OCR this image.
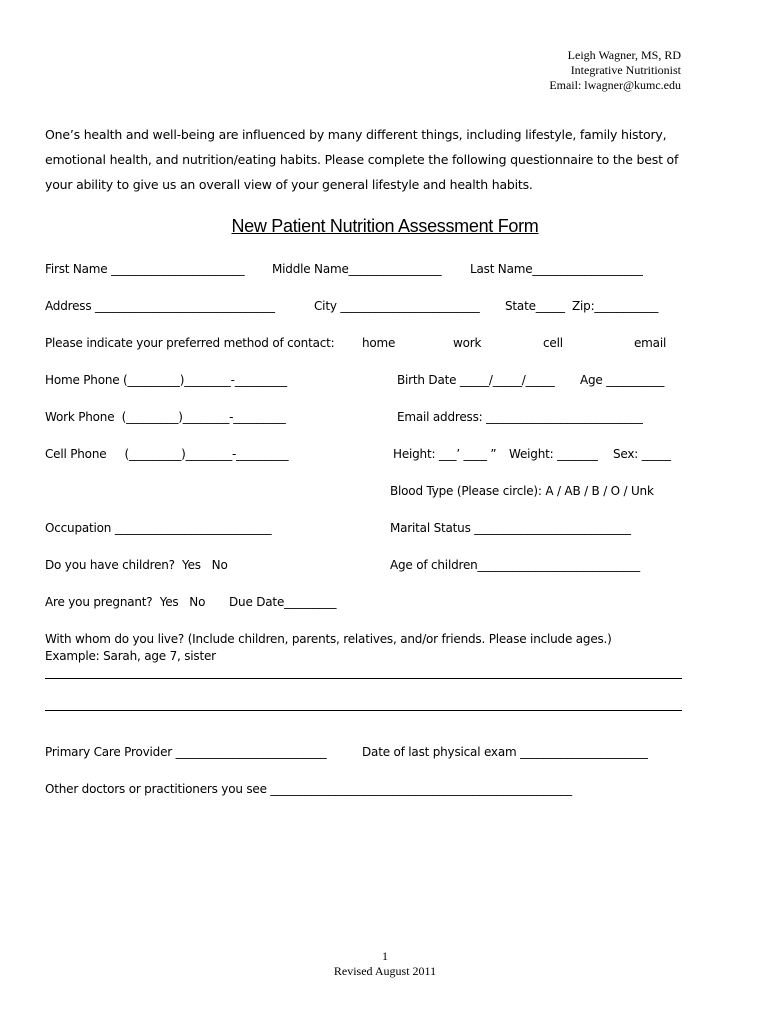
Leigh Wagner, MS, RD
Integrative Nutritionist
Email: lwagner@kumc.edu
One’s health and well-being are influenced by many different things, including lifestyle, family history, emotional health, and nutrition/eating habits. Please complete the following questionnaire to the best of your ability to give us an overall view of your general lifestyle and health habits.
New Patient Nutrition Assessment Form
First Name _______________________ Middle Name________________ Last Name___________________
Address _______________________________	City ________________________ State_____ Zip:___________
Please indicate your preferred method of contact: home	work	cell	email
Home Phone (_________)________-_________	Birth Date _____/_____/_____ Age __________
Work Phone  (_________)________-_________	Email address: ___________________________
Cell Phone     (_________)________-_________	Height: ___’ ____ ” Weight: _______ Sex: _____
Blood Type (Please circle): A / AB / B / O / Unk
Occupation ___________________________	Marital Status ___________________________
Do you have children?  Yes   No	Age of children____________________________
Are you pregnant?  Yes   No Due Date_________
With whom do you live? (Include children, parents, relatives, and/or friends. Please include ages.)
Example: Sarah, age 7, sister
Primary Care Provider __________________________	Date of last physical exam ______________________
Other doctors or practitioners you see ____________________________________________________
1
Revised August 2011
